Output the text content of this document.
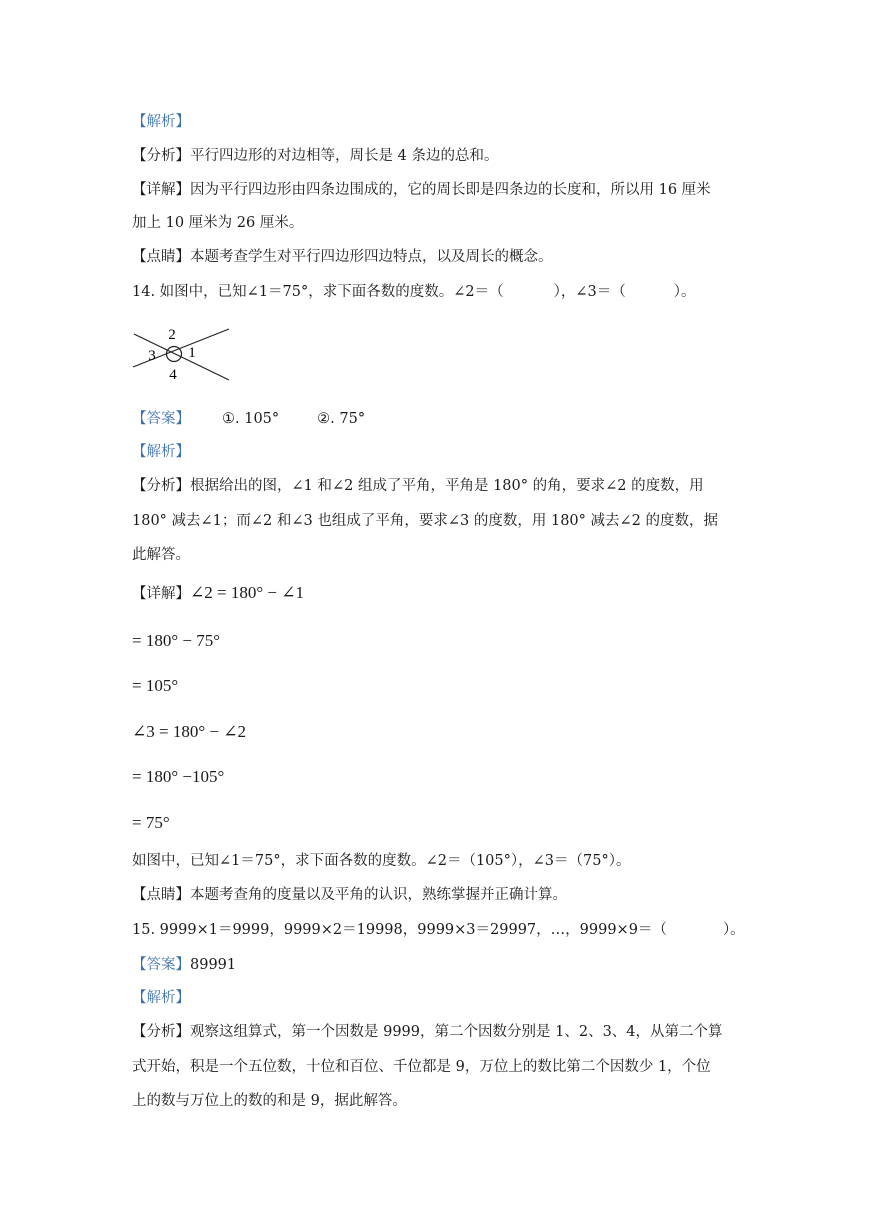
【解析】
【分析】平行四边形的对边相等，周长是 4 条边的总和。
【详解】因为平行四边形由四条边围成的，它的周长即是四条边的长度和，所以用 16 厘米
加上 10 厘米为 26 厘米。
【点睛】本题考查学生对平行四边形四边特点，以及周长的概念。
14. 如图中，已知∠1＝75°，求下面各数的度数。∠2＝（	），∠3＝（	）。
2
3 1
4
【答案】 ①. 105°	②. 75°
【解析】
【分析】根据给出的图，∠1 和∠2 组成了平角，平角是 180° 的角，要求∠2 的度数，用
180° 减去∠1；而∠2 和∠3 也组成了平角，要求∠3 的度数，用 180° 减去∠2 的度数，据
此解答。
【详解】∠2 = 180° − ∠1
= 180° − 75°
= 105°
∠3 = 180° − ∠2
= 180° −105°
= 75°
如图中，已知∠1＝75°，求下面各数的度数。∠2＝（105°），∠3＝（75°）。
【点睛】本题考查角的度量以及平角的认识，熟练掌握并正确计算。
15. 9999×1＝9999，9999×2＝19998，9999×3＝29997，…，9999×9＝（	）。
【答案】89991
【解析】
【分析】观察这组算式，第一个因数是 9999，第二个因数分别是 1、2、3、4，从第二个算
式开始，积是一个五位数，十位和百位、千位都是 9，万位上的数比第二个因数少 1，个位
上的数与万位上的数的和是 9，据此解答。
